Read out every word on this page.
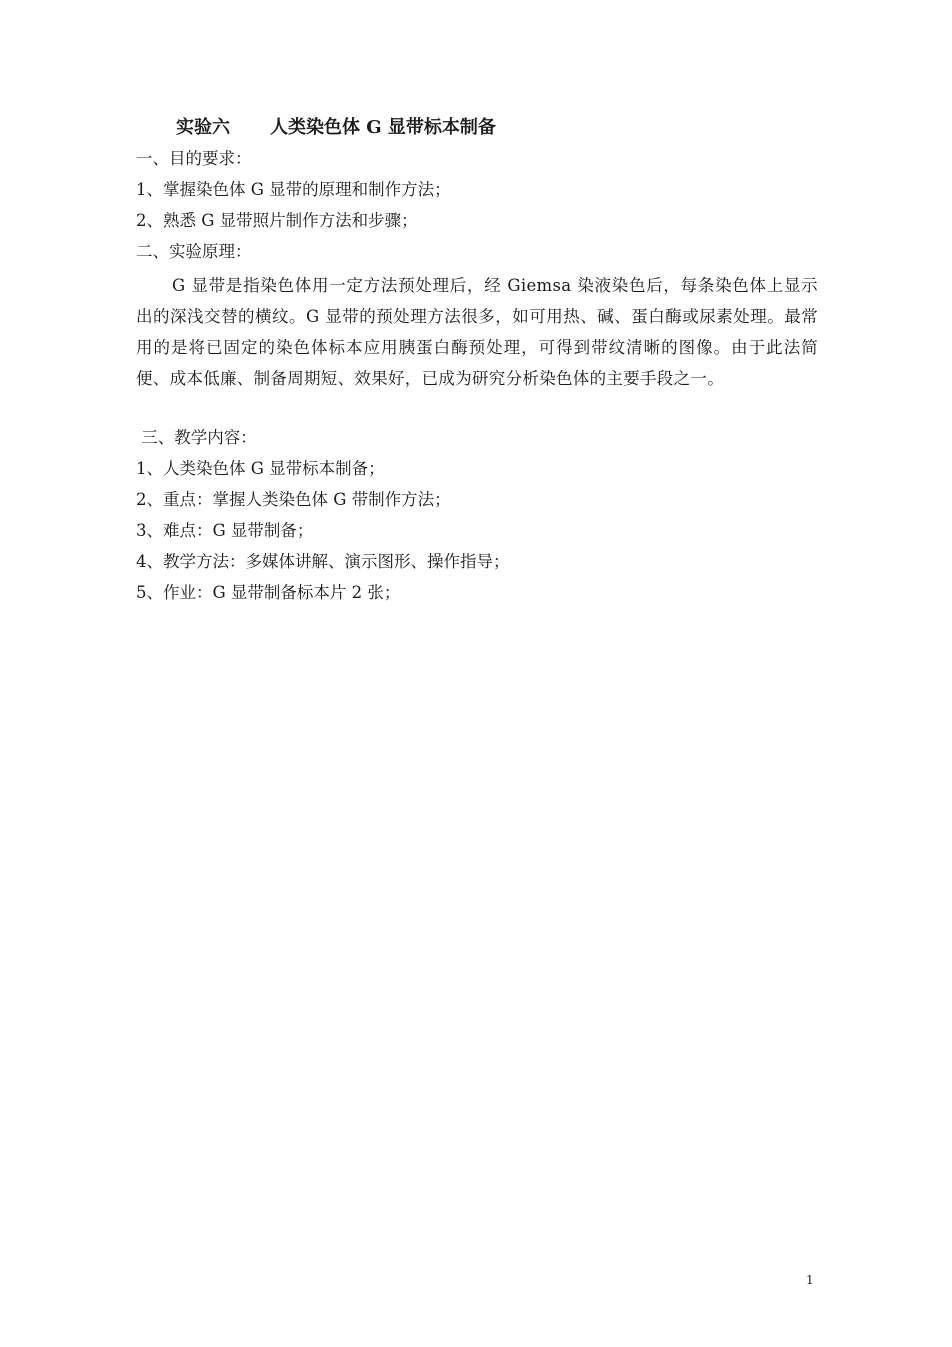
实验六 人类染色体 G 显带标本制备
一、目的要求：
1、掌握染色体 G 显带的原理和制作方法；
2、熟悉 G 显带照片制作方法和步骤；
二、实验原理：
G 显带是指染色体用一定方法预处理后，经 Giemsa 染液染色后，每条染色体上显示出的深浅交替的横纹。G 显带的预处理方法很多，如可用热、碱、蛋白酶或尿素处理。最常用的是将已固定的染色体标本应用胰蛋白酶预处理，可得到带纹清晰的图像。由于此法简便、成本低廉、制备周期短、效果好，已成为研究分析染色体的主要手段之一。
三、教学内容：
1、人类染色体 G 显带标本制备；
2、重点：掌握人类染色体 G 带制作方法；
3、难点：G 显带制备；
4、教学方法：多媒体讲解、演示图形、操作指导；
5、作业：G 显带制备标本片 2 张；
1
